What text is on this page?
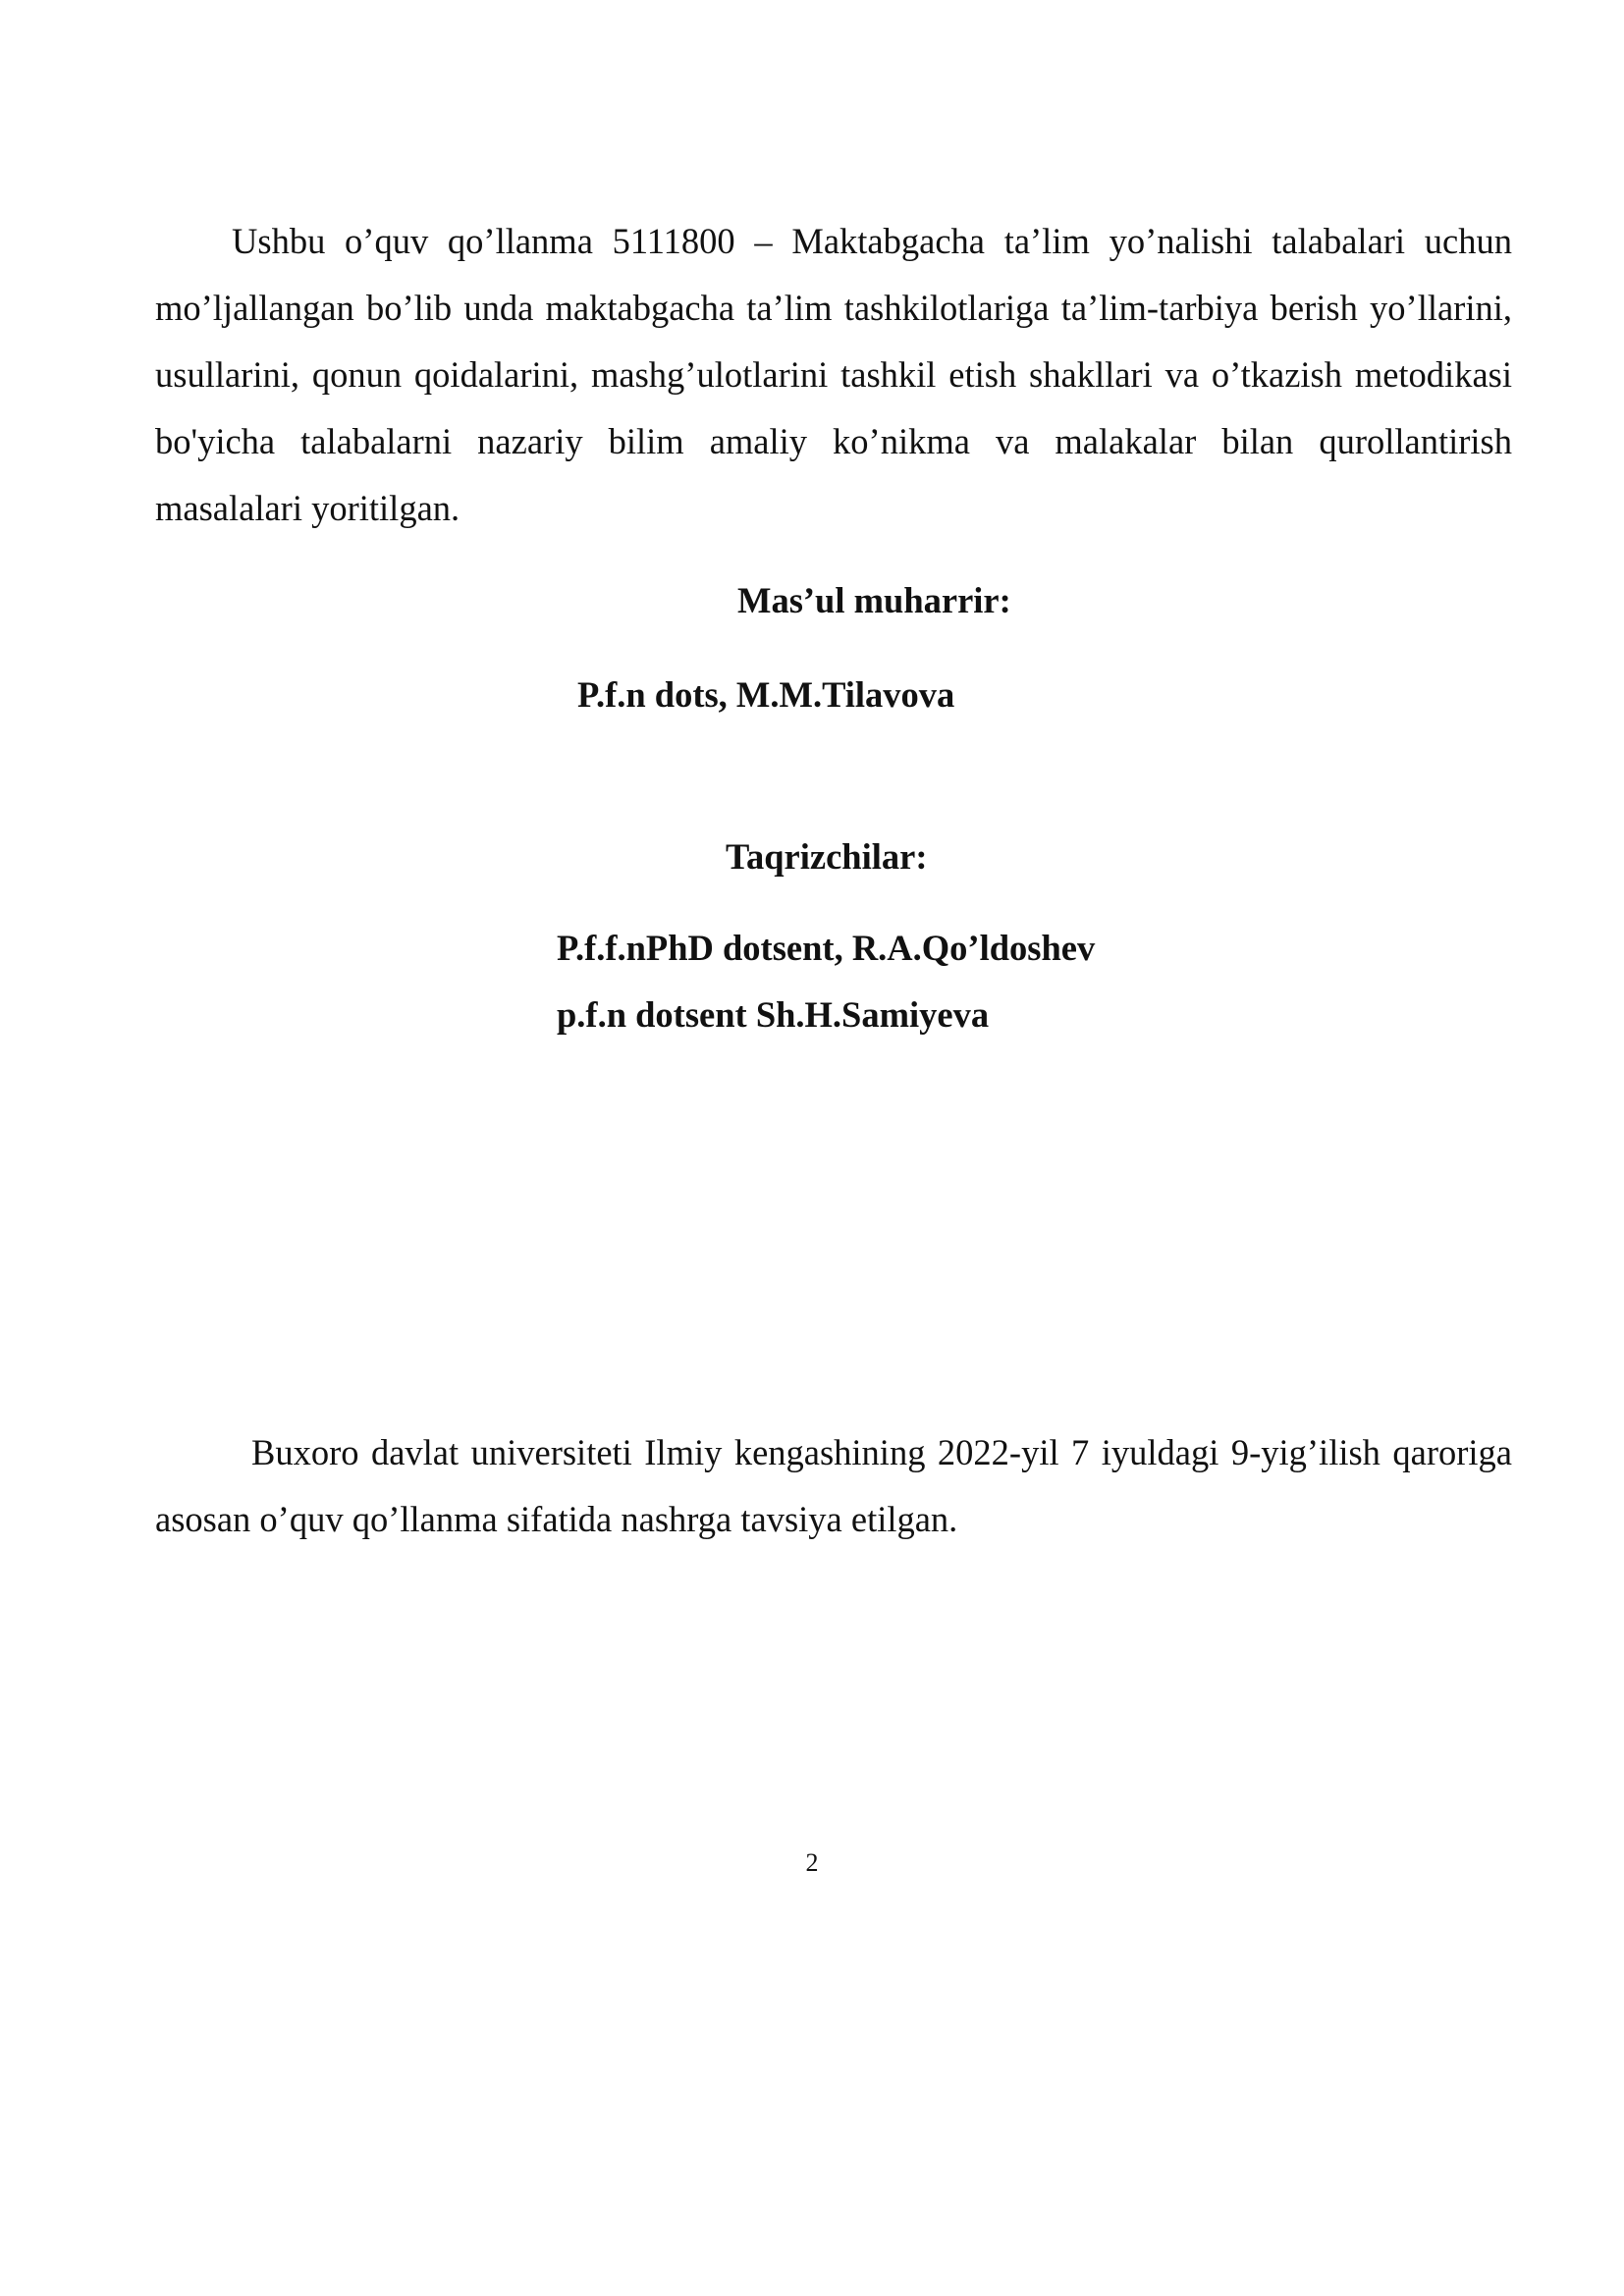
Ushbu o’quv qo’llanma 5111800 – Maktabgacha ta’lim yo’nalishi talabalari uchun mo’ljallangan bo’lib unda maktabgacha ta’lim tashkilotlariga ta’lim-tarbiya berish yo’llarini, usullarini, qonun qoidalarini, mashg’ulotlarini tashkil etish shakllari va o’tkazish metodikasi bo'yicha talabalarni nazariy bilim amaliy ko’nikma va malakalar bilan qurollantirish masalalari yoritilgan.

Mas’ul muharrir:

P.f.n dots, M.M.Tilavova

Taqrizchilar:

P.f.f.nPhD dotsent, R.A.Qo’ldoshev

p.f.n dotsent Sh.H.Samiyeva

Buxoro davlat universiteti Ilmiy kengashining 2022-yil 7 iyuldagi 9-yig’ilish qaroriga asosan o’quv qo’llanma sifatida nashrga tavsiya etilgan.

2
